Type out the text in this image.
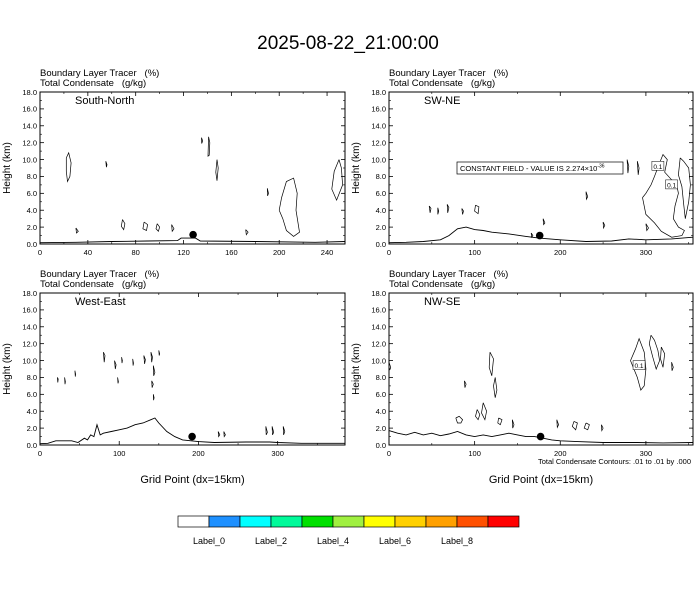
2025-08-22_21:00:00
Boundary Layer Tracer   (%)
Total Condensate   (g/kg)
0.0
2.0
4.0
6.0
8.0
10.0
12.0
14.0
16.0
18.0
0	40	80	120	160	200	240
Height (km)
South-North
Boundary Layer Tracer   (%)
Total Condensate   (g/kg)
0.0
2.0
4.0
6.0
8.0
10.0
12.0
14.0
16.0
18.0
0	100	200	300
Height (km)
SW-NE
0.1
0.1
CONSTANT FIELD - VALUE IS $2.274\times 10^{-36}$
Boundary Layer Tracer   (%)
Total Condensate   (g/kg)
0.0
2.0
4.0
6.0
8.0
10.0
12.0
14.0
16.0
18.0
0	100	200	300
Height (km)
Grid Point (dx=15km)
West-East
Boundary Layer Tracer   (%)
Total Condensate   (g/kg)
0.0
2.0
4.0
6.0
8.0
10.0
12.0
14.0
16.0
18.0
0	100	200	300
Height (km)
Grid Point (dx=15km)
NW-SE
0.1
Total Condensate Contours: .01 to .01 by .000
Label_0	Label_2	Label_4	Label_6	Label_8
